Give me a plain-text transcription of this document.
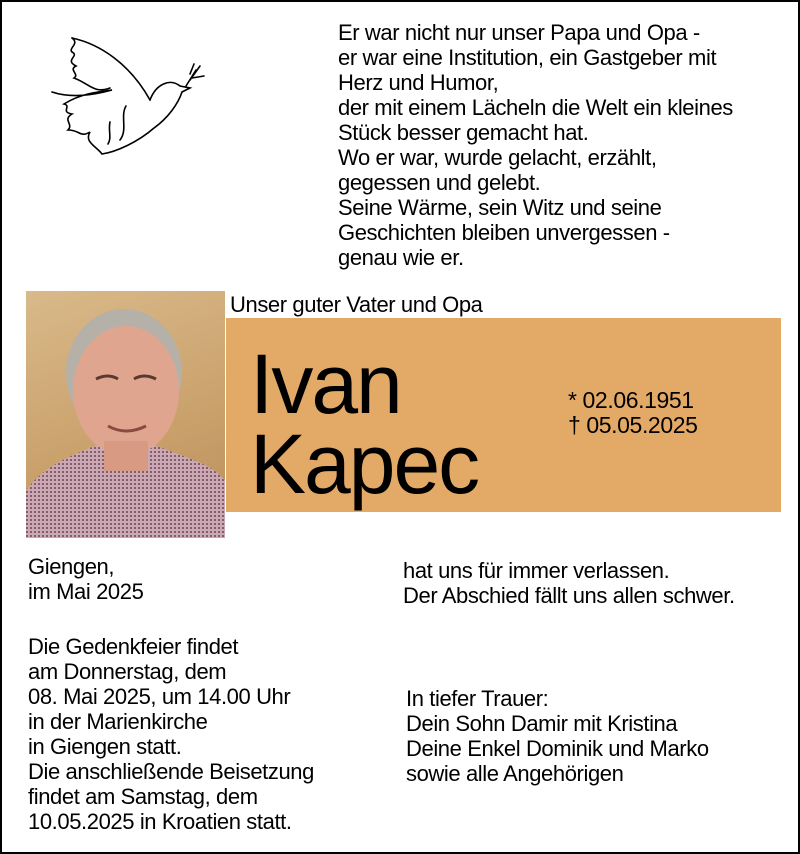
Er war nicht nur unser Papa und Opa -
er war eine Institution, ein Gastgeber mit
Herz und Humor,
der mit einem Lächeln die Welt ein kleines
Stück besser gemacht hat.
Wo er war, wurde gelacht, erzählt,
gegessen und gelebt.
Seine Wärme, sein Witz und seine
Geschichten bleiben unvergessen -
genau wie er.
Unser guter Vater und Opa
Ivan
Kapec
* 02.06.1951
† 05.05.2025
Giengen,
im Mai 2025
hat uns für immer verlassen.
Der Abschied fällt uns allen schwer.
Die Gedenkfeier findet
am Donnerstag, dem
08. Mai 2025, um 14.00 Uhr
in der Marienkirche
in Giengen statt.
Die anschließende Beisetzung
findet am Samstag, dem
10.05.2025 in Kroatien statt.
In tiefer Trauer:
Dein Sohn Damir mit Kristina
Deine Enkel Dominik und Marko
sowie alle Angehörigen
